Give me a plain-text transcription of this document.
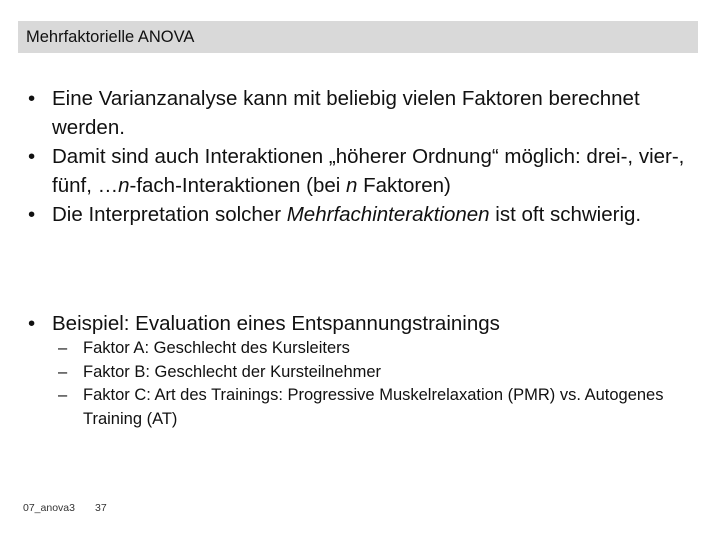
Mehrfaktorielle ANOVA
• Eine Varianzanalyse kann mit beliebig vielen Faktoren berechnet werden.
• Damit sind auch Interaktionen „höherer Ordnung“ möglich: drei-, vier-, fünf, …n-fach-Interaktionen (bei n Faktoren)
• Die Interpretation solcher Mehrfachinteraktionen ist oft schwierig.
• Beispiel: Evaluation eines Entspannungstrainings
– Faktor A: Geschlecht des Kursleiters
– Faktor B: Geschlecht der Kursteilnehmer
– Faktor C: Art des Trainings: Progressive Muskelrelaxation (PMR) vs. Autogenes Training (AT)
07_anova3 37
